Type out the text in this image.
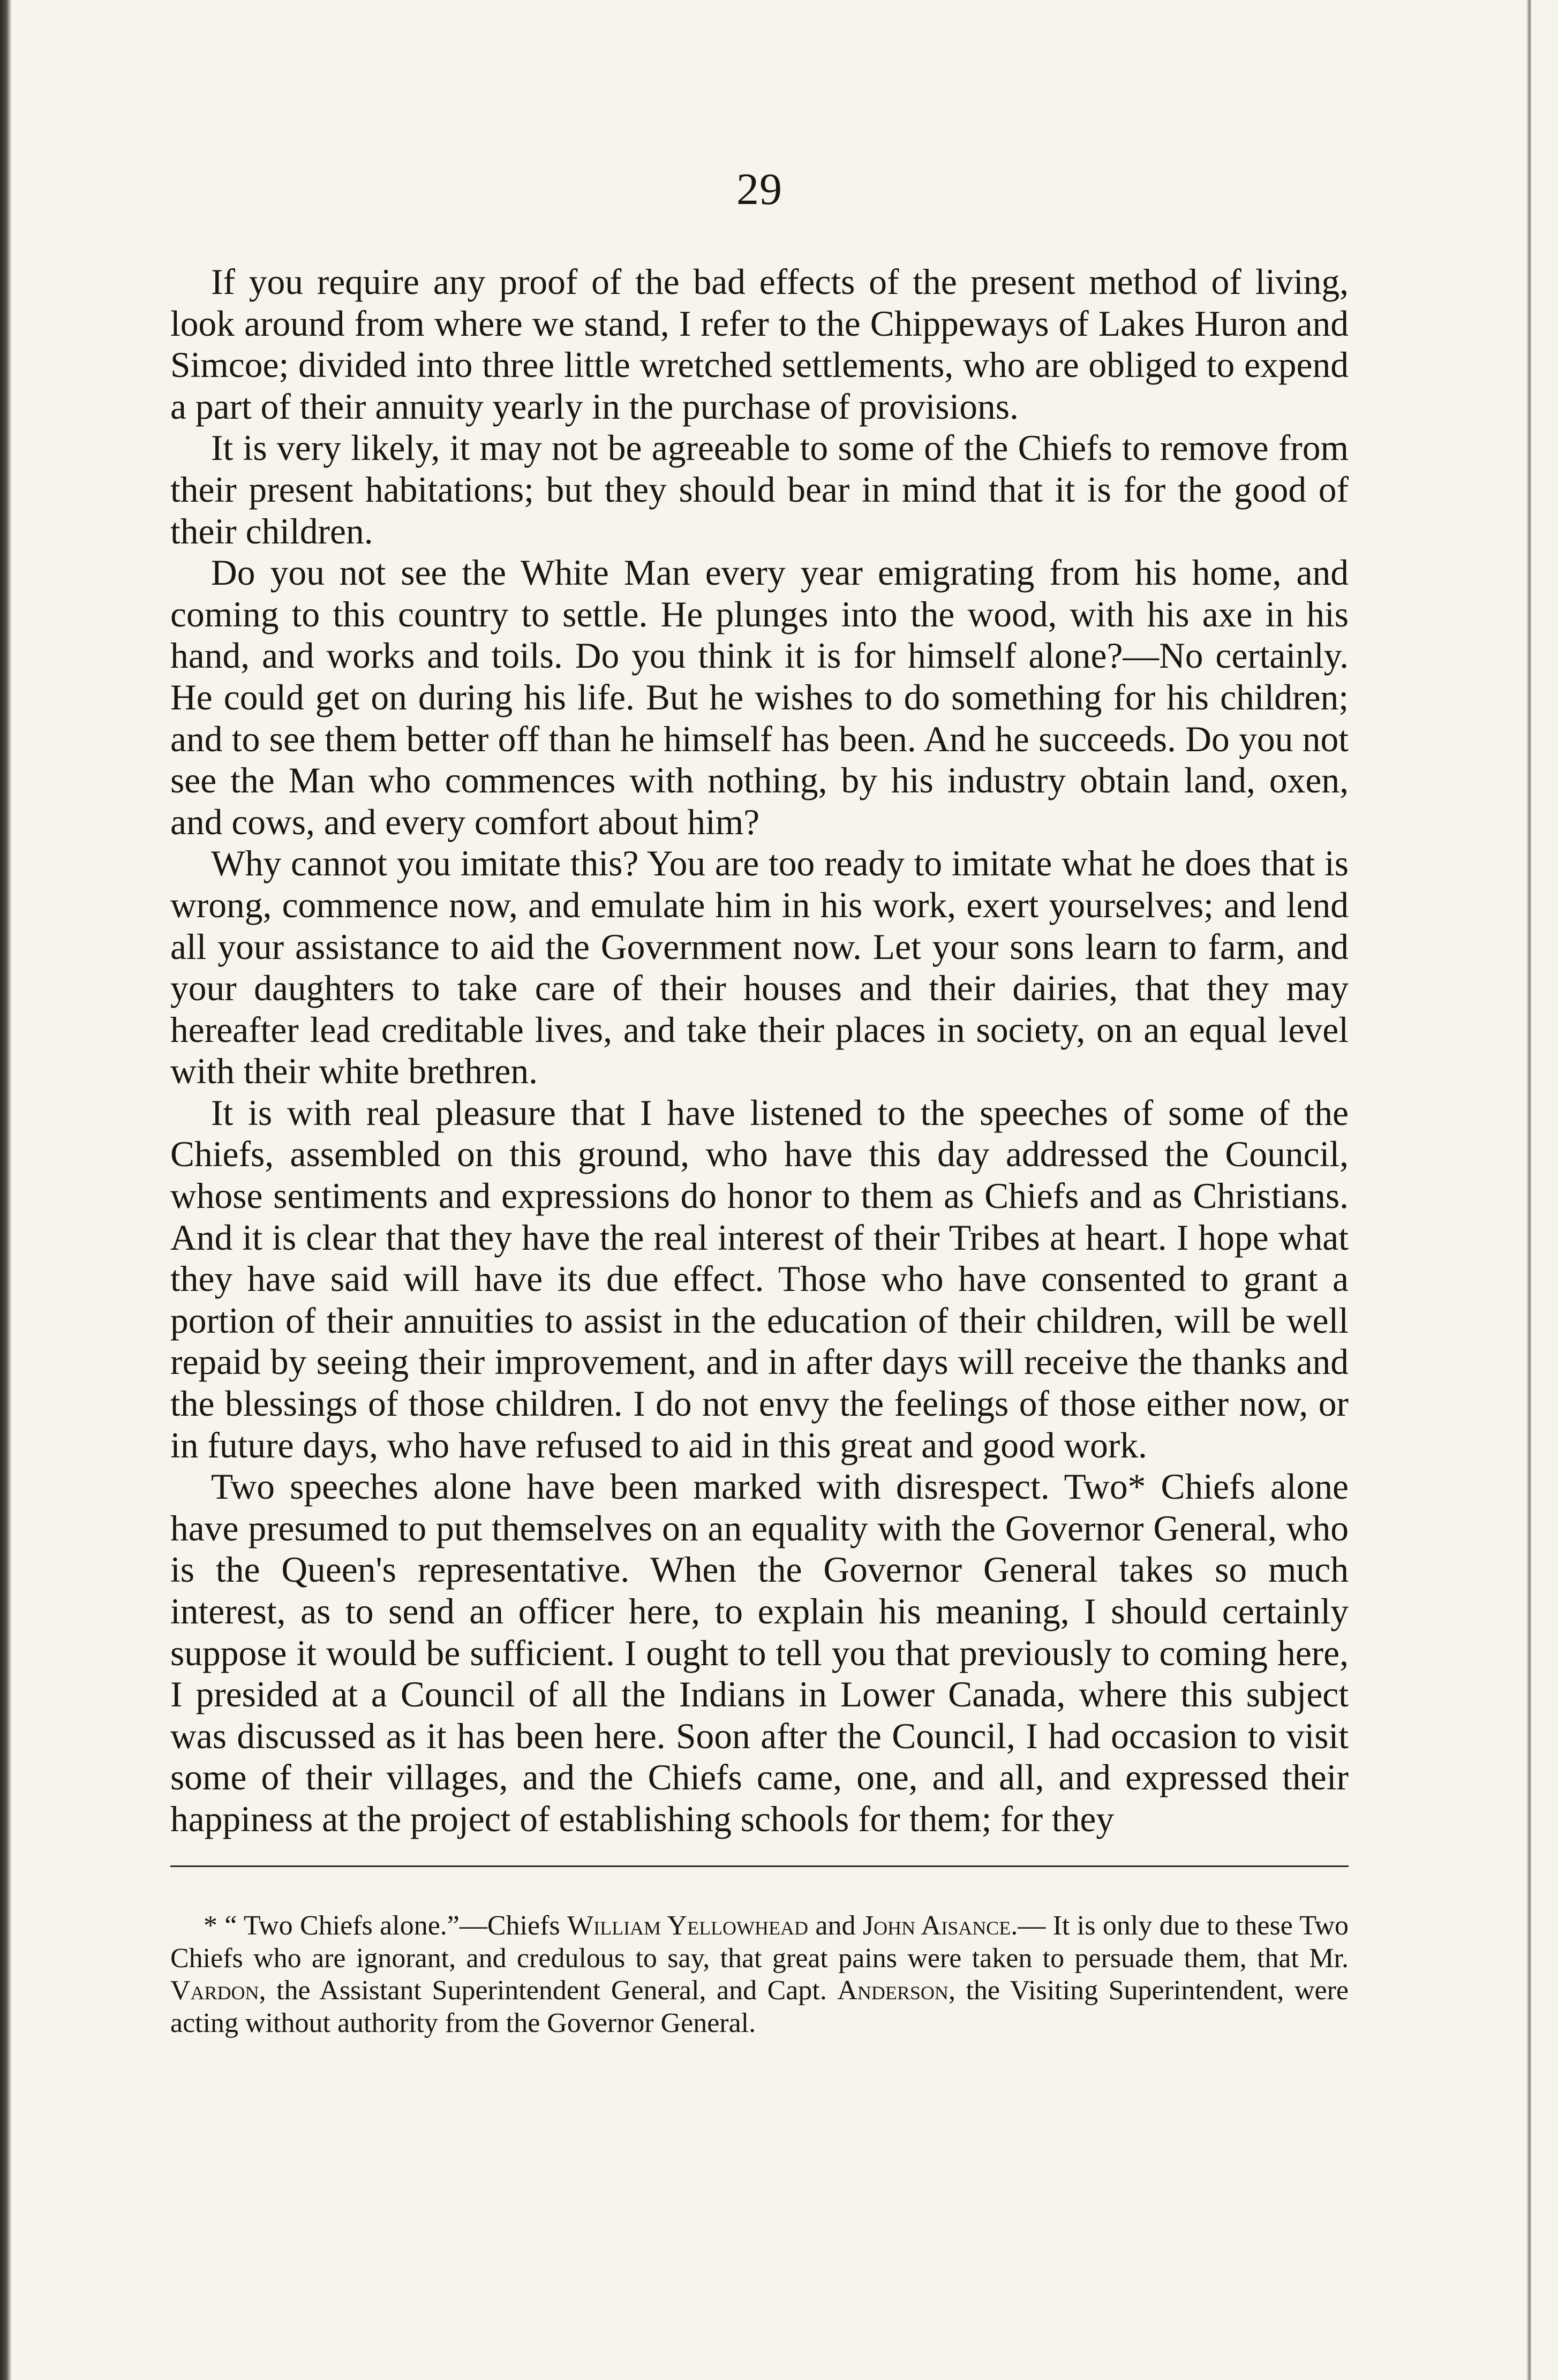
29

If you require any proof of the bad effects of the present method of living, look around from where we stand, I refer to the Chippeways of Lakes Huron and Simcoe; divided into three little wretched settlements, who are obliged to expend a part of their annuity yearly in the purchase of provisions.

It is very likely, it may not be agreeable to some of the Chiefs to remove from their present habitations; but they should bear in mind that it is for the good of their children.

Do you not see the White Man every year emigrating from his home, and coming to this country to settle. He plunges into the wood, with his axe in his hand, and works and toils. Do you think it is for himself alone?—No certainly. He could get on during his life. But he wishes to do something for his children; and to see them better off than he himself has been. And he succeeds. Do you not see the Man who commences with nothing, by his industry obtain land, oxen, and cows, and every comfort about him?

Why cannot you imitate this? You are too ready to imitate what he does that is wrong, commence now, and emulate him in his work, exert yourselves; and lend all your assistance to aid the Government now. Let your sons learn to farm, and your daughters to take care of their houses and their dairies, that they may hereafter lead creditable lives, and take their places in society, on an equal level with their white brethren.

It is with real pleasure that I have listened to the speeches of some of the Chiefs, assembled on this ground, who have this day addressed the Council, whose sentiments and expressions do honor to them as Chiefs and as Christians. And it is clear that they have the real interest of their Tribes at heart. I hope what they have said will have its due effect. Those who have consented to grant a portion of their annuities to assist in the education of their children, will be well repaid by seeing their improvement, and in after days will receive the thanks and the blessings of those children. I do not envy the feelings of those either now, or in future days, who have refused to aid in this great and good work.

Two speeches alone have been marked with disrespect. Two* Chiefs alone have presumed to put themselves on an equality with the Governor General, who is the Queen's representative. When the Governor General takes so much interest, as to send an officer here, to explain his meaning, I should certainly suppose it would be sufficient. I ought to tell you that previously to coming here, I presided at a Council of all the Indians in Lower Canada, where this subject was discussed as it has been here. Soon after the Council, I had occasion to visit some of their villages, and the Chiefs came, one, and all, and expressed their happiness at the project of establishing schools for them; for they

* “ Two Chiefs alone.”—Chiefs William Yellowhead and John Aisance.— It is only due to these Two Chiefs who are ignorant, and credulous to say, that great pains were taken to persuade them, that Mr. Vardon, the Assistant Superintendent General, and Capt. Anderson, the Visiting Superintendent, were acting without authority from the Governor General.
